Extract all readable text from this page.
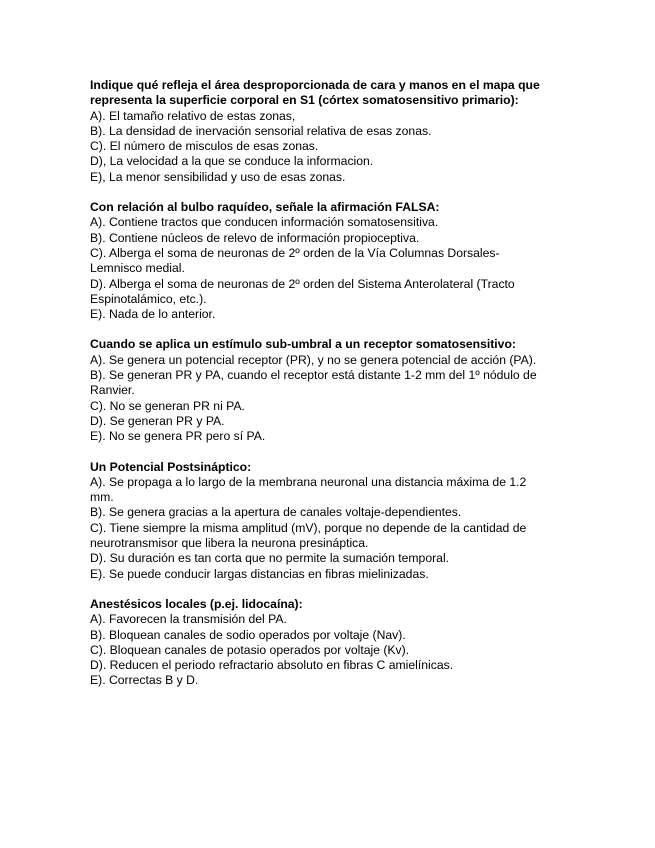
Indique qué refleja el área desproporcionada de cara y manos en el mapa que representa la superficie corporal en S1 (córtex somatosensitivo primario):

A). El tamaño relativo de estas zonas,
B). La densidad de inervación sensorial relativa de esas zonas.
C). El número de misculos de esas zonas.
D), La velocidad a la que se conduce la informacion.
E), La menor sensibilidad y uso de esas zonas.

Con relación al bulbo raquídeo, señale la afirmación FALSA:

A). Contiene tractos que conducen información somatosensitiva.
B). Contiene núcleos de relevo de información propioceptiva.
C). Alberga el soma de neuronas de 2º orden de la Vía Columnas Dorsales-Lemnisco medial.
D). Alberga el soma de neuronas de 2º orden del Sistema Anterolateral (Tracto Espinotalámico, etc.).
E). Nada de lo anterior.

Cuando se aplica un estímulo sub-umbral a un receptor somatosensitivo:

A). Se genera un potencial receptor (PR), y no se genera potencial de acción (PA).
B). Se generan PR y PA, cuando el receptor está distante 1-2 mm del 1º nódulo de Ranvier.
C). No se generan PR ni PA.
D). Se generan PR y PA.
E). No se genera PR pero sí PA.

Un Potencial Postsináptico:

A). Se propaga a lo largo de la membrana neuronal una distancia máxima de 1.2 mm.
B). Se genera gracias a la apertura de canales voltaje-dependientes.
C). Tiene siempre la misma amplitud (mV), porque no depende de la cantidad de neurotransmisor que libera la neurona presináptica.
D). Su duración es tan corta que no permite la sumación temporal.
E). Se puede conducir largas distancias en fibras mielinizadas.

Anestésicos locales (p.ej. lidocaína):

A). Favorecen la transmisión del PA.
B). Bloquean canales de sodio operados por voltaje (Nav).
C). Bloquean canales de potasio operados por voltaje (Kv).
D). Reducen el periodo refractario absoluto en fibras C amielínicas.
E). Correctas B y D.
